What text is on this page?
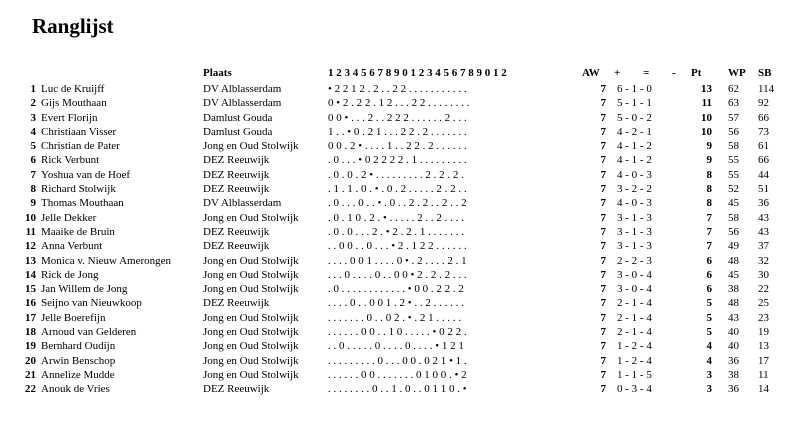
Ranglijst
Plaats	1 2 3 4 5 6 7 8 9 0 1 2 3 4 5 6 7 8 9 0 1 2	AW + = - Pt WP SB
1 Luc de Kruijff	DV Alblasserdam	• 2 2 1 2 . 2 . . 2 2 . . . . . . . . . . .	7 6 - 1 - 0	13 62 114
2 Gijs Mouthaan	DV Alblasserdam	0 • 2 . 2 2 . 1 2 . . . 2 2 . . . . . . . .	7 5 - 1 - 1	11 63 92
3 Evert Florijn	Damlust Gouda	0 0 • . . . 2 . . 2 2 2 . . . . . . 2 . . .	7 5 - 0 - 2	10 57 66
4 Christiaan Visser	Damlust Gouda	1 . . • 0 . 2 1 . . . 2 2 . 2 . . . . . . .	7 4 - 2 - 1	10 56 73
5 Christian de Pater	Jong en Oud Stolwijk	0 0 . 2 • . . . . 1 . . 2 2 . 2 . . . . . .	7 4 - 1 - 2	9 58 61
6 Rick Verbunt	DEZ Reeuwijk	. 0 . . . • 0 2 2 2 2 . 1 . . . . . . . . .	7 4 - 1 - 2	9 55 66
7 Yoshua van de Hoef	DEZ Reeuwijk	. 0 . 0 . 2 • . . . . . . . . . 2 . 2 . 2 .	7 4 - 0 - 3	8 55 44
8 Richard Stolwijk	DEZ Reeuwijk	. 1 . 1 . 0 . • . 0 . 2 . . . . . 2 . 2 . .	7 3 - 2 - 2	8 52 51
9 Thomas Mouthaan	DV Alblasserdam	. 0 . . . 0 . . • . 0 . . 2 . 2 . . 2 . . 2	7 4 - 0 - 3	8 45 36
10 Jelle Dekker	Jong en Oud Stolwijk	. 0 . 1 0 . 2 . • . . . . . 2 . . 2 . . . .	7 3 - 1 - 3	7 58 43
11 Maaike de Bruin	DEZ Reeuwijk	. 0 . 0 . . . 2 . • 2 . 2 . 1 . . . . . . .	7 3 - 1 - 3	7 56 43
12 Anna Verbunt	DEZ Reeuwijk	. . 0 0 . . 0 . . . • 2 . 1 2 2 . . . . . .	7 3 - 1 - 3	7 49 37
13 Monica v. Nieuw Amerongen	Jong en Oud Stolwijk	. . . . 0 0 1 . . . . 0 • . 2 . . . . 2 . 1	7 2 - 2 - 3	6 48 32
14 Rick de Jong	Jong en Oud Stolwijk	. . . 0 . . . . 0 . . 0 0 • 2 . 2 . 2 . . .	7 3 - 0 - 4	6 45 30
15 Jan Willem de Jong	Jong en Oud Stolwijk	. 0 . . . . . . . . . . . . • 0 0 . 2 2 . 2	7 3 - 0 - 4	6 38 22
16 Seijno van Nieuwkoop	DEZ Reeuwijk	. . . . 0 . . 0 0 1 . 2 • . . 2 . . . . . .	7 2 - 1 - 4	5 48 25
17 Jelle Boerefijn	Jong en Oud Stolwijk	. . . . . . . 0 . . 0 2 . • . 2 1 . . . . .	7 2 - 1 - 4	5 43 23
18 Arnoud van Gelderen	Jong en Oud Stolwijk	. . . . . . 0 0 . . 1 0 . . . . . • 0 2 2 .	7 2 - 1 - 4	5 40 19
19 Bernhard Oudijn	Jong en Oud Stolwijk	. . 0 . . . . . 0 . . . . 0 . . . . • 1 2 1	7 1 - 2 - 4	4 40 13
20 Arwin Benschop	Jong en Oud Stolwijk	. . . . . . . . . 0 . . . 0 0 . 0 2 1 • 1 .	7 1 - 2 - 4	4 36 17
21 Annelize Mudde	Jong en Oud Stolwijk	. . . . . . 0 0 . . . . . . . 0 1 0 0 . • 2	7 1 - 1 - 5	3 38 11
22 Anouk de Vries	DEZ Reeuwijk	. . . . . . . . 0 . . 1 . 0 . . 0 1 1 0 . •	7 0 - 3 - 4	3 36 14
